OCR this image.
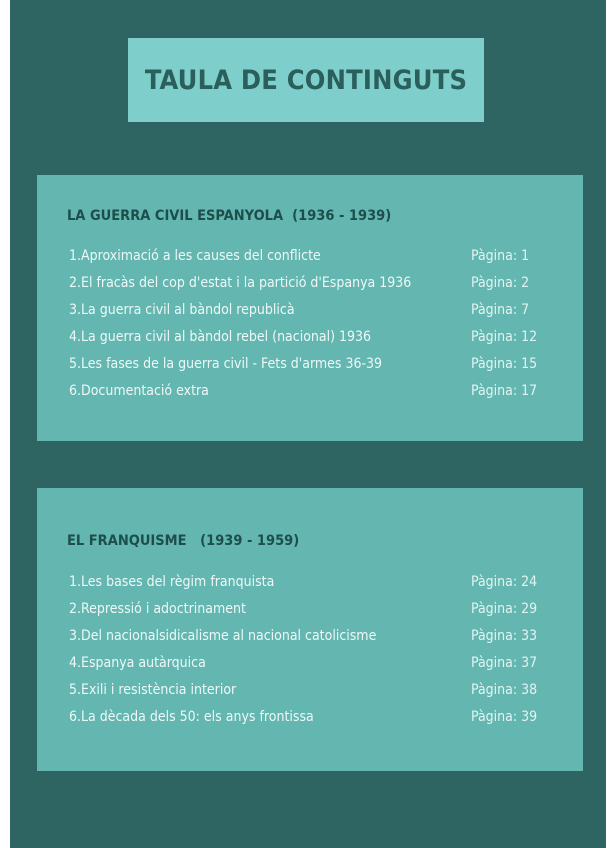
TAULA DE CONTINGUTS
LA GUERRA CIVIL ESPANYOLA  (1936 - 1939)
1.Aproximació a les causes del conflicte	Pàgina: 1
2.El fracàs del cop d'estat i la partició d'Espanya 1936	Pàgina: 2
3.La guerra civil al bàndol republicà	Pàgina: 7
4.La guerra civil al bàndol rebel (nacional) 1936	Pàgina: 12
5.Les fases de la guerra civil - Fets d'armes 36-39	Pàgina: 15
6.Documentació extra	Pàgina: 17
EL FRANQUISME   (1939 - 1959)
1.Les bases del règim franquista	Pàgina: 24
2.Repressió i adoctrinament	Pàgina: 29
3.Del nacionalsidicalisme al nacional catolicisme	Pàgina: 33
4.Espanya autàrquica	Pàgina: 37
5.Exili i resistència interior	Pàgina: 38
6.La dècada dels 50: els anys frontissa	Pàgina: 39
